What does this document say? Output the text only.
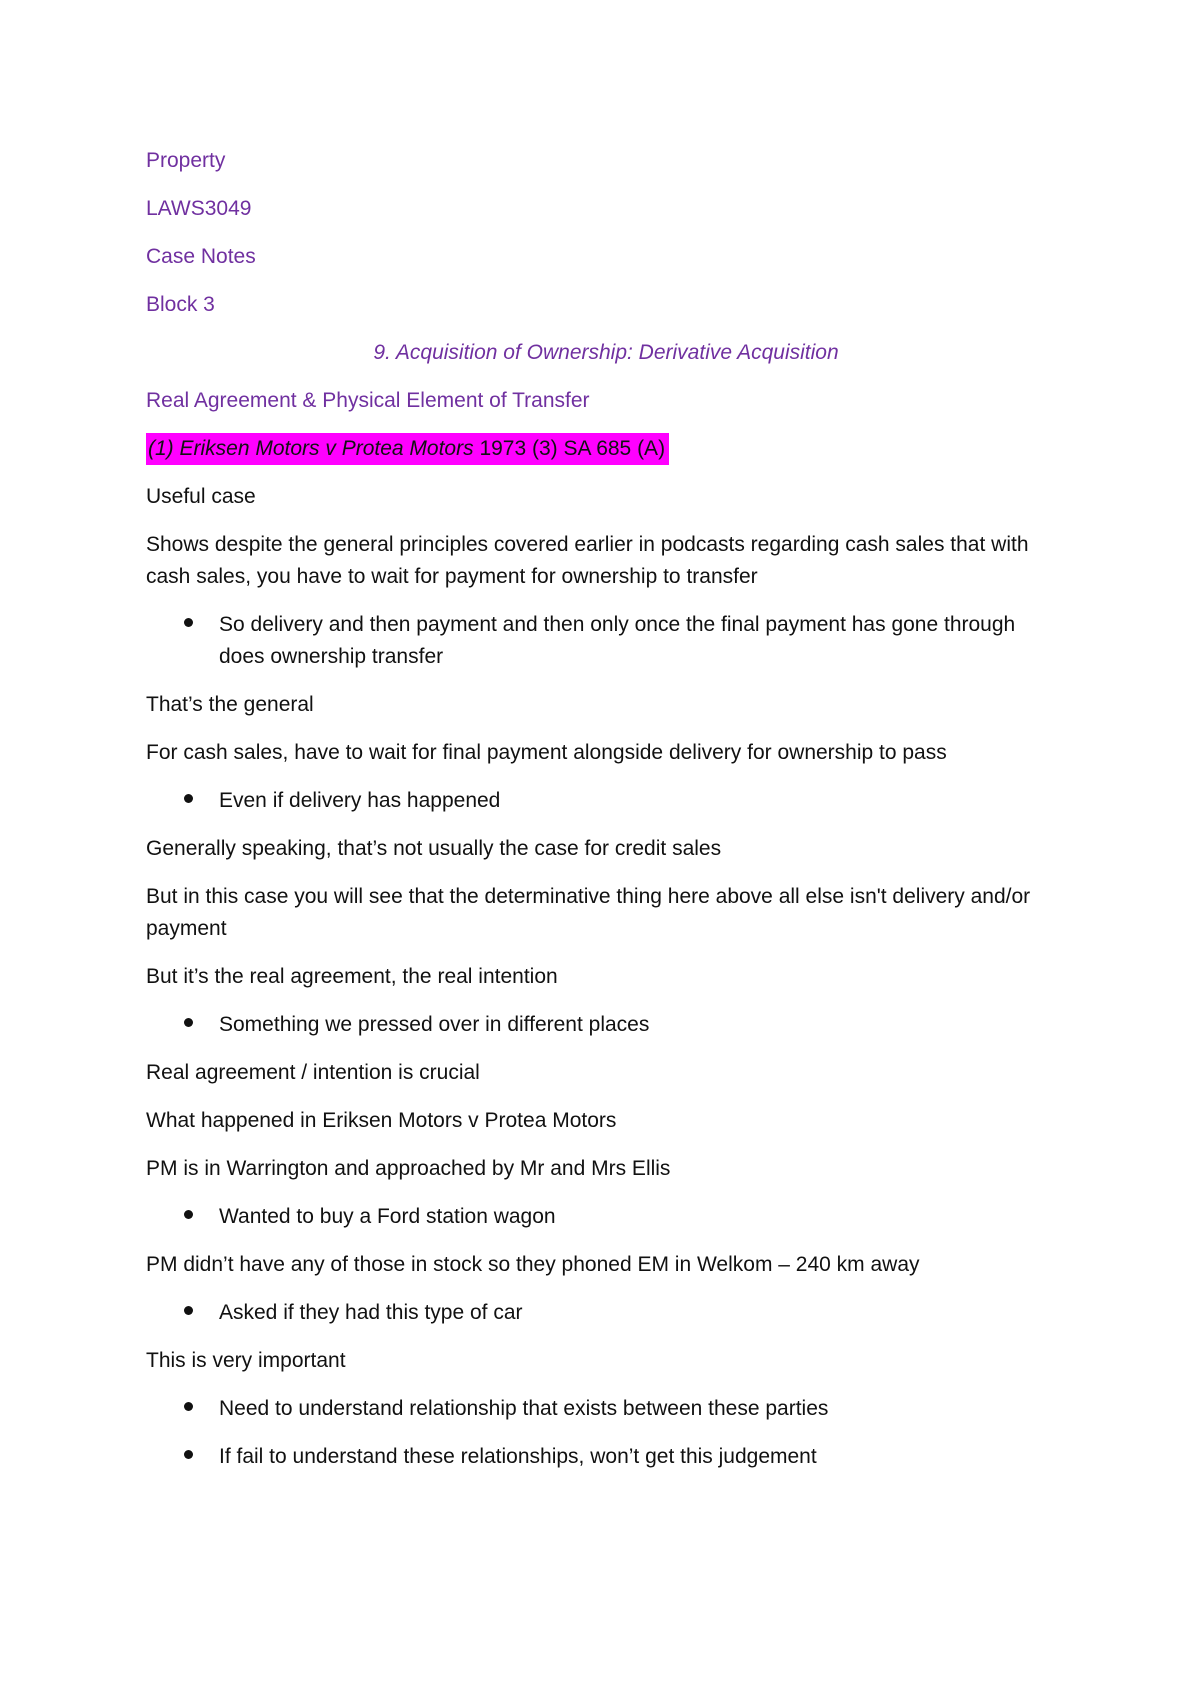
Property
LAWS3049
Case Notes
Block 3
9. Acquisition of Ownership: Derivative Acquisition
Real Agreement & Physical Element of Transfer
(1) Eriksen Motors v Protea Motors 1973 (3) SA 685 (A)
Useful case
Shows despite the general principles covered earlier in podcasts regarding cash sales that with cash sales, you have to wait for payment for ownership to transfer
So delivery and then payment and then only once the final payment has gone through does ownership transfer
That’s the general
For cash sales, have to wait for final payment alongside delivery for ownership to pass
Even if delivery has happened
Generally speaking, that’s not usually the case for credit sales
But in this case you will see that the determinative thing here above all else isn't delivery and/or payment
But it’s the real agreement, the real intention
Something we pressed over in different places
Real agreement / intention is crucial
What happened in Eriksen Motors v Protea Motors
PM is in Warrington and approached by Mr and Mrs Ellis
Wanted to buy a Ford station wagon
PM didn’t have any of those in stock so they phoned EM in Welkom – 240 km away
Asked if they had this type of car
This is very important
Need to understand relationship that exists between these parties
If fail to understand these relationships, won’t get this judgement
